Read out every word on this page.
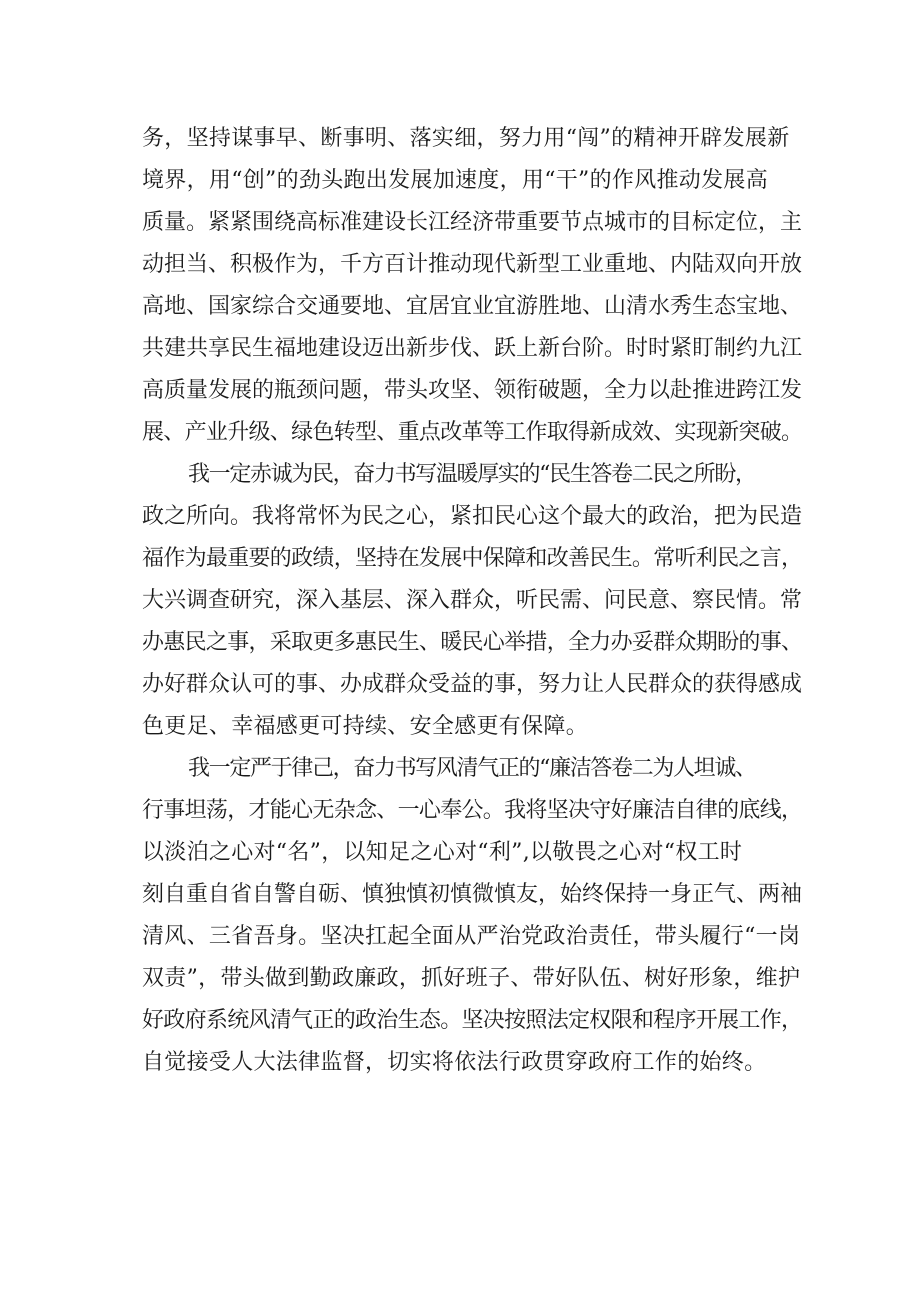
务，坚持谋事早、断事明、落实细，努力用“闯”的精神开辟发展新
境界，用“创”的劲头跑出发展加速度，用“干”的作风推动发展高
质量。紧紧围绕高标准建设长江经济带重要节点城市的目标定位，主
动担当、积极作为，千方百计推动现代新型工业重地、内陆双向开放
高地、国家综合交通要地、宜居宜业宜游胜地、山清水秀生态宝地、
共建共享民生福地建设迈出新步伐、跃上新台阶。时时紧盯制约九江
高质量发展的瓶颈问题，带头攻坚、领衔破题，全力以赴推进跨江发
展、产业升级、绿色转型、重点改革等工作取得新成效、实现新突破。
我一定赤诚为民，奋力书写温暖厚实的“民生答卷二民之所盼，
政之所向。我将常怀为民之心，紧扣民心这个最大的政治，把为民造
福作为最重要的政绩，坚持在发展中保障和改善民生。常听利民之言，
大兴调查研究，深入基层、深入群众，听民需、问民意、察民情。常
办惠民之事，采取更多惠民生、暖民心举措，全力办妥群众期盼的事、
办好群众认可的事、办成群众受益的事，努力让人民群众的获得感成
色更足、幸福感更可持续、安全感更有保障。
我一定严于律己，奋力书写风清气正的“廉洁答卷二为人坦诚、
行事坦荡，才能心无杂念、一心奉公。我将坚决守好廉洁自律的底线，
以淡泊之心对“名”，以知足之心对“利”,以敬畏之心对“权工时
刻自重自省自警自砺、慎独慎初慎微慎友，始终保持一身正气、两袖
清风、三省吾身。坚决扛起全面从严治党政治责任，带头履行“一岗
双责”，带头做到勤政廉政，抓好班子、带好队伍、树好形象，维护
好政府系统风清气正的政治生态。坚决按照法定权限和程序开展工作，
自觉接受人大法律监督，切实将依法行政贯穿政府工作的始终。
